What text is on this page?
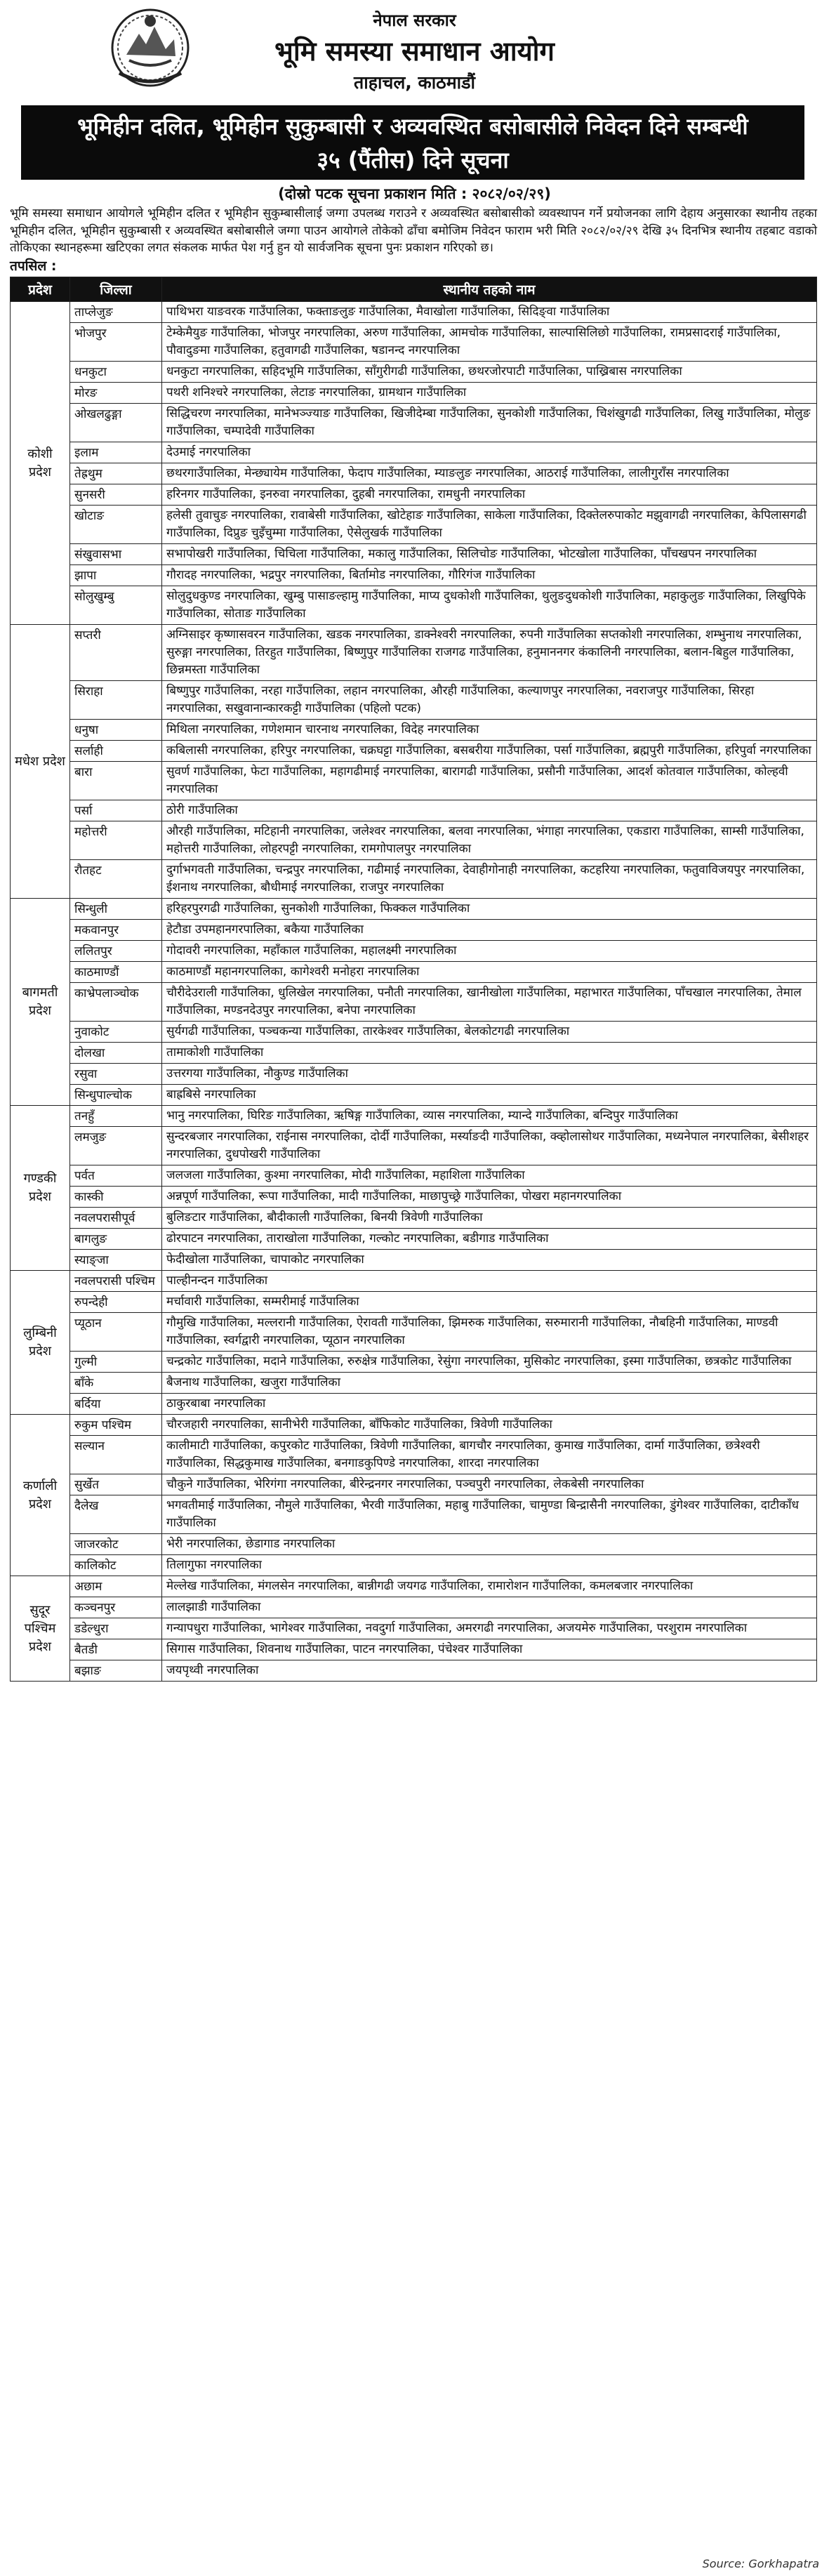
नेपाल सरकार
भूमि समस्या समाधान आयोग
ताहाचल, काठमाडौं
भूमिहीन दलित, भूमिहीन सुकुम्बासी र अव्यवस्थित बसोबासीले निवेदन दिने सम्बन्धी
३५ (पैंतीस) दिने सूचना
(दोस्रो पटक सूचना प्रकाशन मिति : २०८२/०२/२९)
भूमि समस्या समाधान आयोगले भूमिहीन दलित र भूमिहीन सुकुम्बासीलाई जग्गा उपलब्ध गराउने र अव्यवस्थित बसोबासीको व्यवस्थापन गर्ने प्रयोजनका लागि देहाय अनुसारका स्थानीय तहका भूमिहीन दलित, भूमिहीन सुकुम्बासी र अव्यवस्थित बसोबासीले जग्गा पाउन आयोगले तोकेको ढाँचा बमोजिम निवेदन फाराम भरी मिति २०८२/०२/२९ देखि ३५ दिनभित्र स्थानीय तहबाट वडाको तोकिएका स्थानहरूमा खटिएका लगत संकलक मार्फत पेश गर्नु हुन यो सार्वजनिक सूचना पुनः प्रकाशन गरिएको छ।
तपसिल :
प्रदेश	जिल्ला	स्थानीय तहको नाम
कोशी प्रदेश	ताप्लेजुङ	पाथिभरा याङवरक गाउँपालिका, फक्ताङलुङ गाउँपालिका, मैवाखोला गाउँपालिका, सिदिङ्वा गाउँपालिका
	भोजपुर	टेम्केमैयुङ गाउँपालिका, भोजपुर नगरपालिका, अरुण गाउँपालिका, आमचोक गाउँपालिका, साल्पासिलिछो गाउँपालिका, रामप्रसादराई गाउँपालिका, पौवादुङमा गाउँपालिका, हतुवागढी गाउँपालिका, षडानन्द नगरपालिका
	धनकुटा	धनकुटा नगरपालिका, सहिदभूमि गाउँपालिका, साँगुरीगढी गाउँपालिका, छथरजोरपाटी गाउँपालिका, पाख्रिबास नगरपालिका
	मोरङ	पथरी शनिश्चरे नगरपालिका, लेटाङ नगरपालिका, ग्रामथान गाउँपालिका
	ओखलढुङ्गा	सिद्धिचरण नगरपालिका, मानेभञ्ज्याङ गाउँपालिका, खिजीदेम्बा गाउँपालिका, सुनकोशी गाउँपालिका, चिशंखुगढी गाउँपालिका, लिखु गाउँपालिका, मोलुङ गाउँपालिका, चम्पादेवी गाउँपालिका
	इलाम	देउमाई नगरपालिका
	तेह्रथुम	छथरगाउँपालिका, मेन्छ्यायेम गाउँपालिका, फेदाप गाउँपालिका, म्याङलुङ नगरपालिका, आठराई गाउँपालिका, लालीगुराँस नगरपालिका
	सुनसरी	हरिनगर गाउँपालिका, इनरुवा नगरपालिका, दुहबी नगरपालिका, रामधुनी नगरपालिका
	खोटाङ	हलेसी तुवाचुङ नगरपालिका, रावाबेसी गाउँपालिका, खोटेहाङ गाउँपालिका, साकेला गाउँपालिका, दिक्तेलरुपाकोट मझुवागढी नगरपालिका, केपिलासगढी गाउँपालिका, दिप्रुङ चुइँचुम्मा गाउँपालिका, ऐसेलुखर्क गाउँपालिका
	संखुवासभा	सभापोखरी गाउँपालिका, चिचिला गाउँपालिका, मकालु गाउँपालिका, सिलिचोङ गाउँपालिका, भोटखोला गाउँपालिका, पाँचखपन नगरपालिका
	झापा	गौरादह नगरपालिका, भद्रपुर नगरपालिका, बिर्तामोड नगरपालिका, गौरिगंज गाउँपालिका
	सोलुखुम्बु	सोलुदुधकुण्ड नगरपालिका, खुम्बु पासाङल्हामु गाउँपालिका, माप्य दुधकोशी गाउँपालिका, थुलुङदुधकोशी गाउँपालिका, महाकुलुङ गाउँपालिका, लिखुपिके गाउँपालिका, सोताङ गाउँपालिका
मधेश प्रदेश	सप्तरी	अग्निसाइर कृष्णासवरन गाउँपालिका, खडक नगरपालिका, डाक्नेश्वरी नगरपालिका, रुपनी गाउँपालिका सप्तकोशी नगरपालिका, शम्भुनाथ नगरपालिका, सुरुङ्गा नगरपालिका, तिरहुत गाउँपालिका, बिष्णुपुर गाउँपालिका राजगढ गाउँपालिका, हनुमाननगर कंकालिनी नगरपालिका, बलान-बिहुल गाउँपालिका, छिन्नमस्ता गाउँपालिका
	सिराहा	बिष्णुपुर गाउँपालिका, नरहा गाउँपालिका, लहान नगरपालिका, औरही गाउँपालिका, कल्याणपुर नगरपालिका, नवराजपुर गाउँपालिका, सिरहा नगरपालिका, सखुवानान्कारकट्टी गाउँपालिका (पहिलो पटक)
	धनुषा	मिथिला नगरपालिका, गणेशमान चारनाथ नगरपालिका, विदेह नगरपालिका
	सर्लाही	कबिलासी नगरपालिका, हरिपुर नगरपालिका, चक्रघट्टा गाउँपालिका, बसबरीया गाउँपालिका, पर्सा गाउँपालिका, ब्रह्मपुरी गाउँपालिका, हरिपुर्वा नगरपालिका
	बारा	सुवर्ण गाउँपालिका, फेटा गाउँपालिका, महागढीमाई नगरपालिका, बारागढी गाउँपालिका, प्रसौनी गाउँपालिका, आदर्श कोतवाल गाउँपालिका, कोल्हवी नगरपालिका
	पर्सा	ठोरी गाउँपालिका
	महोत्तरी	औरही गाउँपालिका, मटिहानी नगरपालिका, जलेश्वर नगरपालिका, बलवा नगरपालिका, भंगाहा नगरपालिका, एकडारा गाउँपालिका, साम्सी गाउँपालिका, महोत्तरी गाउँपालिका, लोहरपट्टी नगरपालिका, रामगोपालपुर नगरपालिका
	रौतहट	दुर्गाभगवती गाउँपालिका, चन्द्रपुर नगरपालिका, गढीमाई नगरपालिका, देवाहीगोनाही नगरपालिका, कटहरिया नगरपालिका, फतुवाविजयपुर नगरपालिका, ईशनाथ नगरपालिका, बौधीमाई नगरपालिका, राजपुर नगरपालिका
बागमती प्रदेश	सिन्धुली	हरिहरपुरगढी गाउँपालिका, सुनकोशी गाउँपालिका, फिक्कल गाउँपालिका
	मकवानपुर	हेटौडा उपमहानगरपालिका, बकैया गाउँपालिका
	ललितपुर	गोदावरी नगरपालिका, महाँकाल गाउँपालिका, महालक्ष्मी नगरपालिका
	काठमाण्डौं	काठमाण्डौं महानगरपालिका, कागेश्वरी मनोहरा नगरपालिका
	काभ्रेपलाञ्चोक	चौरीदेउराली गाउँपालिका, धुलिखेल नगरपालिका, पनौती नगरपालिका, खानीखोला गाउँपालिका, महाभारत गाउँपालिका, पाँचखाल नगरपालिका, तेमाल गाउँपालिका, मण्डनदेउपुर नगरपालिका, बनेपा नगरपालिका
	नुवाकोट	सुर्यगढी गाउँपालिका, पञ्चकन्या गाउँपालिका, तारकेश्वर गाउँपालिका, बेलकोटगढी नगरपालिका
	दोलखा	तामाकोशी गाउँपालिका
	रसुवा	उत्तरगया गाउँपालिका, नौकुण्ड गाउँपालिका
	सिन्धुपाल्चोक	बाह्रबिसे नगरपालिका
गण्डकी प्रदेश	तनहुँ	भानु नगरपालिका, घिरिङ गाउँपालिका, ऋषिङ्ग गाउँपालिका, व्यास नगरपालिका, म्यान्दे गाउँपालिका, बन्दिपुर गाउँपालिका
	लमजुङ	सुन्दरबजार नगरपालिका, राईनास नगरपालिका, दोर्दी गाउँपालिका, मर्स्याङदी गाउँपालिका, क्व्होलासोथर गाउँपालिका, मध्यनेपाल नगरपालिका, बेसीशहर नगरपालिका, दुधपोखरी गाउँपालिका
	पर्वत	जलजला गाउँपालिका, कुश्मा नगरपालिका, मोदी गाउँपालिका, महाशिला गाउँपालिका
	कास्की	अन्नपूर्ण गाउँपालिका, रूपा गाउँपालिका, मादी गाउँपालिका, माछापुच्छ्रे गाउँपालिका, पोखरा महानगरपालिका
	नवलपरासीपूर्व	बुलिङटार गाउँपालिका, बौदीकाली गाउँपालिका, बिनयी त्रिवेणी गाउँपालिका
	बागलुङ	ढोरपाटन नगरपालिका, ताराखोला गाउँपालिका, गल्कोट नगरपालिका, बडीगाड गाउँपालिका
	स्याङ्जा	फेदीखोला गाउँपालिका, चापाकोट नगरपालिका
लुम्बिनी प्रदेश	नवलपरासी पश्चिम	पाल्हीनन्दन गाउँपालिका
	रुपन्देही	मर्चावारी गाउँपालिका, सम्मरीमाई गाउँपालिका
	प्यूठान	गौमुखि गाउँपालिका, मल्लरानी गाउँपालिका, ऐरावती गाउँपालिका, झिमरुक गाउँपालिका, सरुमारानी गाउँपालिका, नौबहिनी गाउँपालिका, माण्डवी गाउँपालिका, स्वर्गद्वारी नगरपालिका, प्यूठान नगरपालिका
	गुल्मी	चन्द्रकोट गाउँपालिका, मदाने गाउँपालिका, रुरुक्षेत्र गाउँपालिका, रेसुंगा नगरपालिका, मुसिकोट नगरपालिका, इस्मा गाउँपालिका, छत्रकोट गाउँपालिका
	बाँके	बैजनाथ गाउँपालिका, खजुरा गाउँपालिका
	बर्दिया	ठाकुरबाबा नगरपालिका
कर्णाली प्रदेश	रुकुम पश्चिम	चौरजहारी नगरपालिका, सानीभेरी गाउँपालिका, बाँफिकोट गाउँपालिका, त्रिवेणी गाउँपालिका
	सल्यान	कालीमाटी गाउँपालिका, कपुरकोट गाउँपालिका, त्रिवेणी गाउँपालिका, बागचौर नगरपालिका, कुमाख गाउँपालिका, दार्मा गाउँपालिका, छत्रेश्वरी गाउँपालिका, सिद्धकुमाख गाउँपालिका, बनगाडकुपिण्डे नगरपालिका, शारदा नगरपालिका
	सुर्खेत	चौकुने गाउँपालिका, भेरिगंगा नगरपालिका, बीरेन्द्रनगर नगरपालिका, पञ्चपुरी नगरपालिका, लेकबेसी नगरपालिका
	दैलेख	भगवतीमाई गाउँपालिका, नौमुले गाउँपालिका, भैरवी गाउँपालिका, महाबु गाउँपालिका, चामुण्डा बिन्द्रासैनी नगरपालिका, डुंगेश्वर गाउँपालिका, दाटीकाँध गाउँपालिका
	जाजरकोट	भेरी नगरपालिका, छेडागाड नगरपालिका
	कालिकोट	तिलागुफा नगरपालिका
सुदूर पश्चिम प्रदेश	अछाम	मेल्लेख गाउँपालिका, मंगलसेन नगरपालिका, बान्नीगढी जयगढ गाउँपालिका, रामारोशन गाउँपालिका, कमलबजार नगरपालिका
	कञ्चनपुर	लालझाडी गाउँपालिका
	डडेल्धुरा	गन्यापधुरा गाउँपालिका, भागेश्वर गाउँपालिका, नवदुर्गा गाउँपालिका, अमरगढी नगरपालिका, अजयमेरु गाउँपालिका, परशुराम नगरपालिका
	बैतडी	सिगास गाउँपालिका, शिवनाथ गाउँपालिका, पाटन नगरपालिका, पंचेश्वर गाउँपालिका
	बझाङ	जयपृथ्वी नगरपालिका
Source: Gorkhapatra
